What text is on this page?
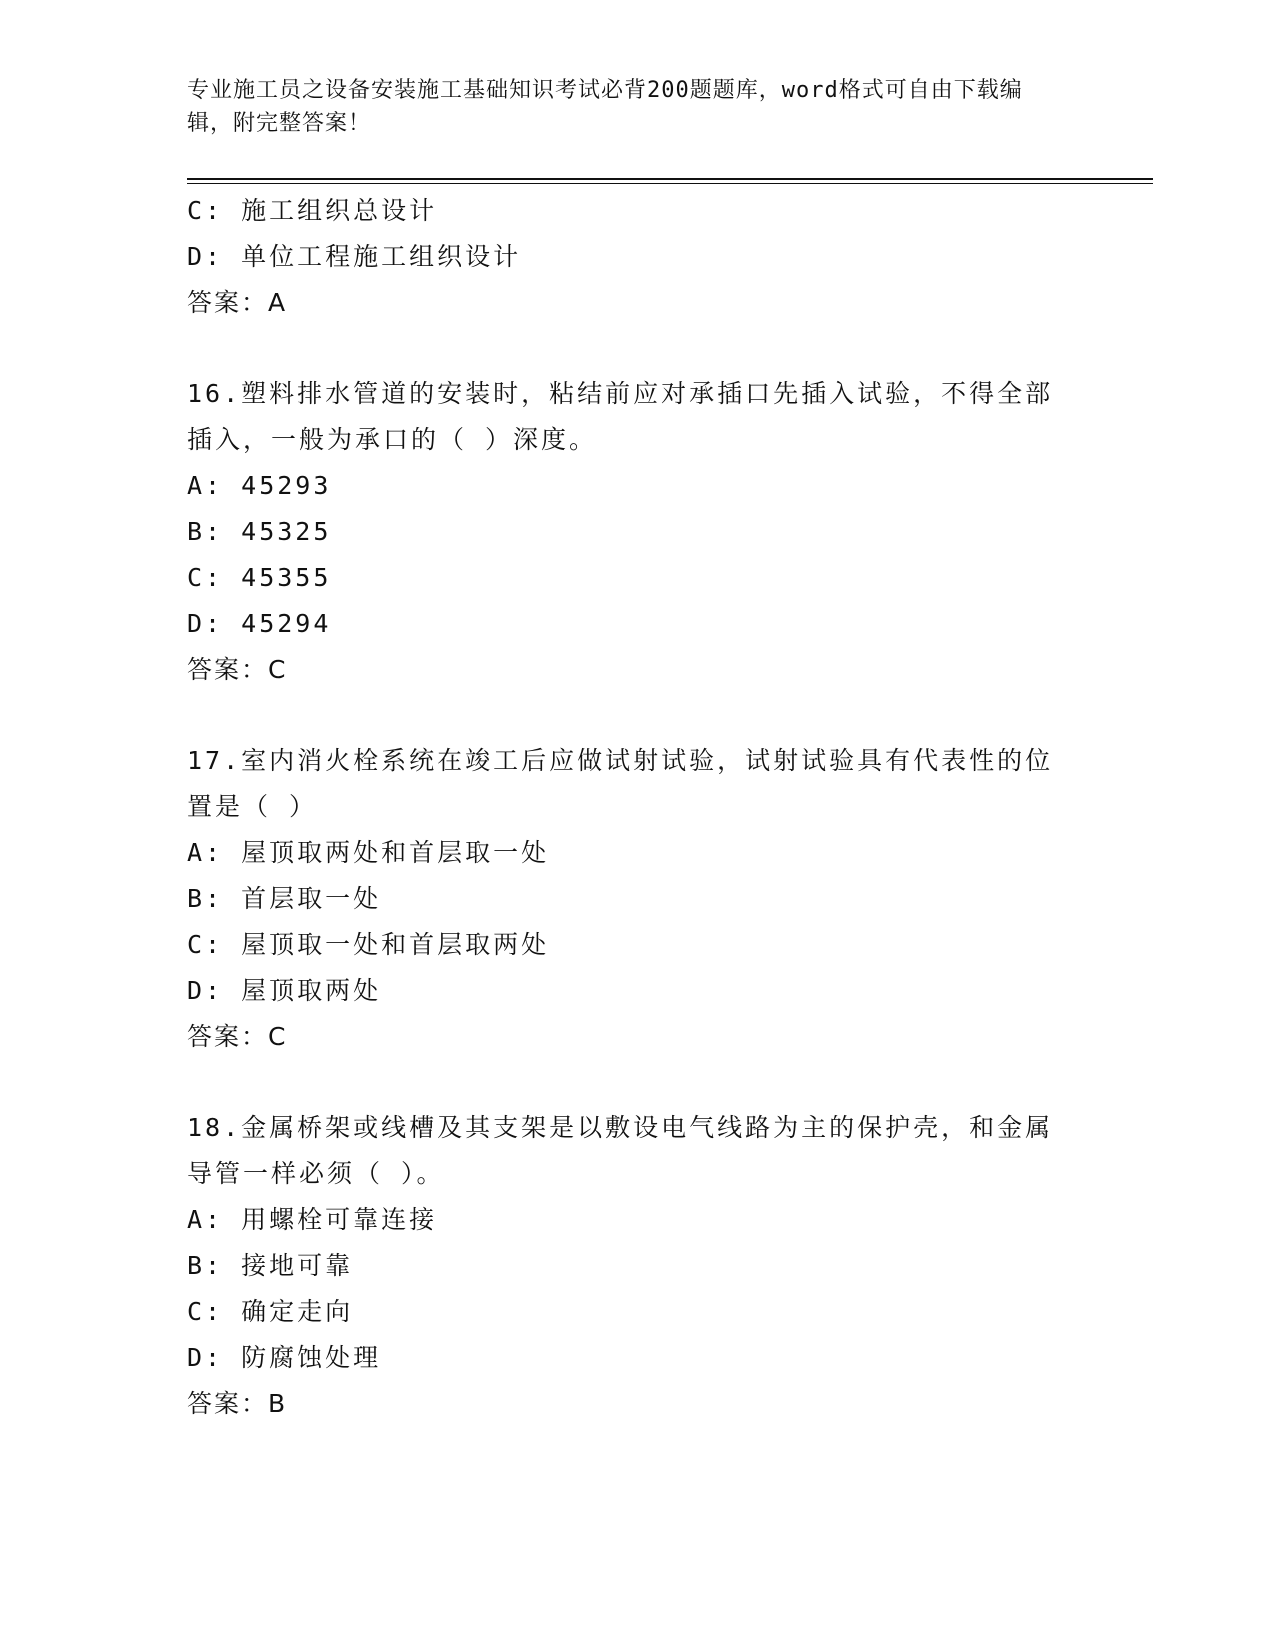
专业施工员之设备安装施工基础知识考试必背200题题库，word格式可自由下载编辑，附完整答案！
C: 施工组织总设计
D: 单位工程施工组织设计
答案：A
16.塑料排水管道的安装时，粘结前应对承插口先插入试验，不得全部插入，一般为承口的（ ）深度。
A: 45293
B: 45325
C: 45355
D: 45294
答案：C
17.室内消火栓系统在竣工后应做试射试验，试射试验具有代表性的位置是（ ）
A: 屋顶取两处和首层取一处
B: 首层取一处
C: 屋顶取一处和首层取两处
D: 屋顶取两处
答案：C
18.金属桥架或线槽及其支架是以敷设电气线路为主的保护壳，和金属导管一样必须（ ）。
A: 用螺栓可靠连接
B: 接地可靠
C: 确定走向
D: 防腐蚀处理
答案：B
